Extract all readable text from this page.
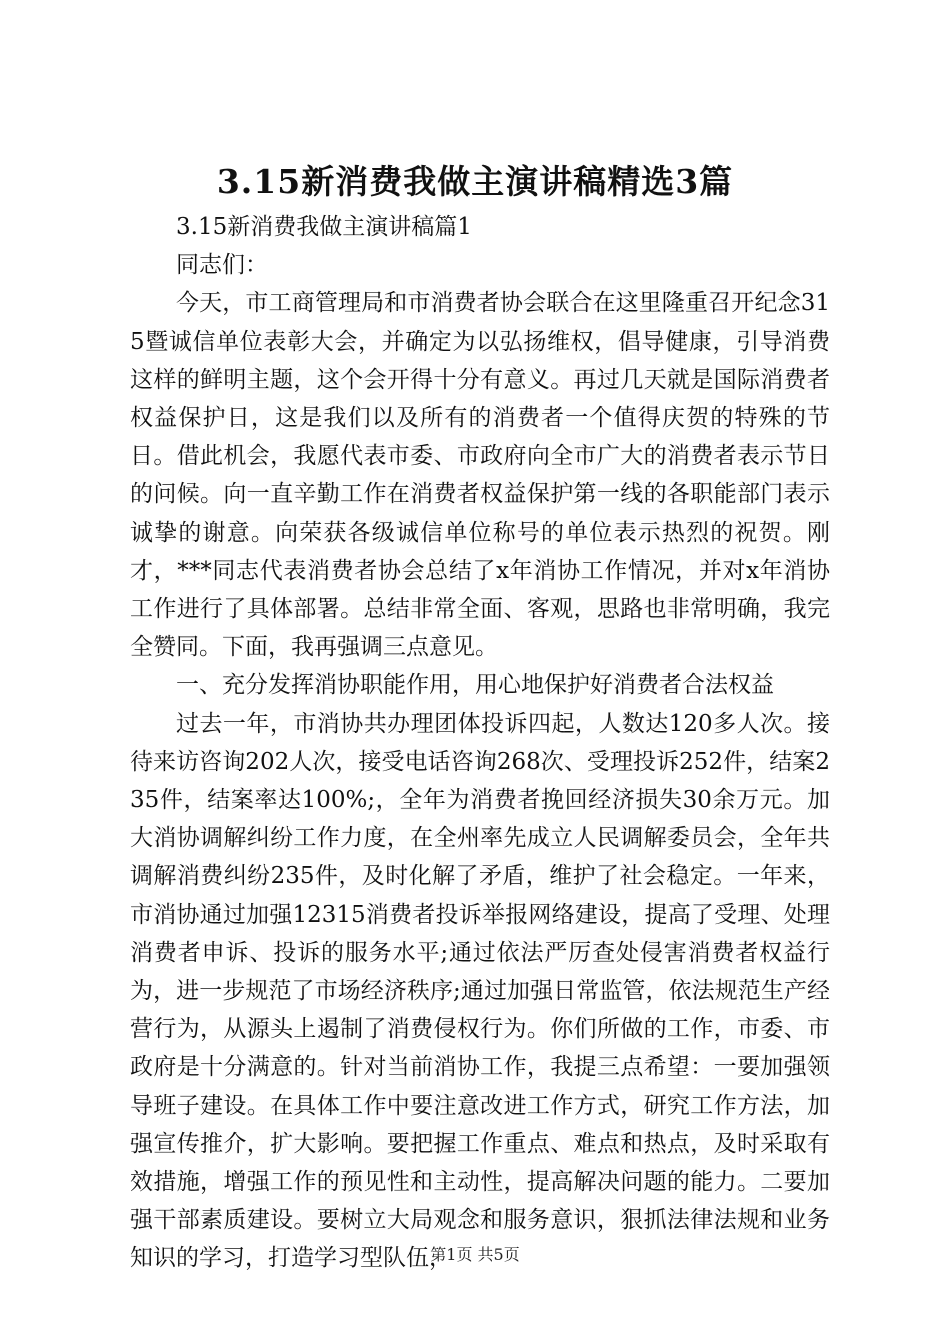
3.15新消费我做主演讲稿精选3篇

3.15新消费我做主演讲稿篇1

同志们：

今天，市工商管理局和市消费者协会联合在这里隆重召开纪念315暨诚信单位表彰大会，并确定为以弘扬维权，倡导健康，引导消费这样的鲜明主题，这个会开得十分有意义。再过几天就是国际消费者权益保护日，这是我们以及所有的消费者一个值得庆贺的特殊的节日。借此机会，我愿代表市委、市政府向全市广大的消费者表示节日的问候。向一直辛勤工作在消费者权益保护第一线的各职能部门表示诚挚的谢意。向荣获各级诚信单位称号的单位表示热烈的祝贺。刚才，***同志代表消费者协会总结了x年消协工作情况，并对x年消协工作进行了具体部署。总结非常全面、客观，思路也非常明确，我完全赞同。下面，我再强调三点意见。

一、充分发挥消协职能作用，用心地保护好消费者合法权益

过去一年，市消协共办理团体投诉四起，人数达120多人次。接待来访咨询202人次，接受电话咨询268次、受理投诉252件，结案235件，结案率达100%;，全年为消费者挽回经济损失30余万元。加大消协调解纠纷工作力度，在全州率先成立人民调解委员会，全年共调解消费纠纷235件，及时化解了矛盾，维护了社会稳定。一年来，市消协通过加强12315消费者投诉举报网络建设，提高了受理、处理消费者申诉、投诉的服务水平;通过依法严厉查处侵害消费者权益行为，进一步规范了市场经济秩序;通过加强日常监管，依法规范生产经营行为，从源头上遏制了消费侵权行为。你们所做的工作，市委、市政府是十分满意的。针对当前消协工作，我提三点希望：一要加强领导班子建设。在具体工作中要注意改进工作方式，研究工作方法，加强宣传推介，扩大影响。要把握工作重点、难点和热点，及时采取有效措施，增强工作的预见性和主动性，提高解决问题的能力。二要加强干部素质建设。要树立大局观念和服务意识，狠抓法律法规和业务知识的学习，打造学习型队伍，

第1页 共5页
